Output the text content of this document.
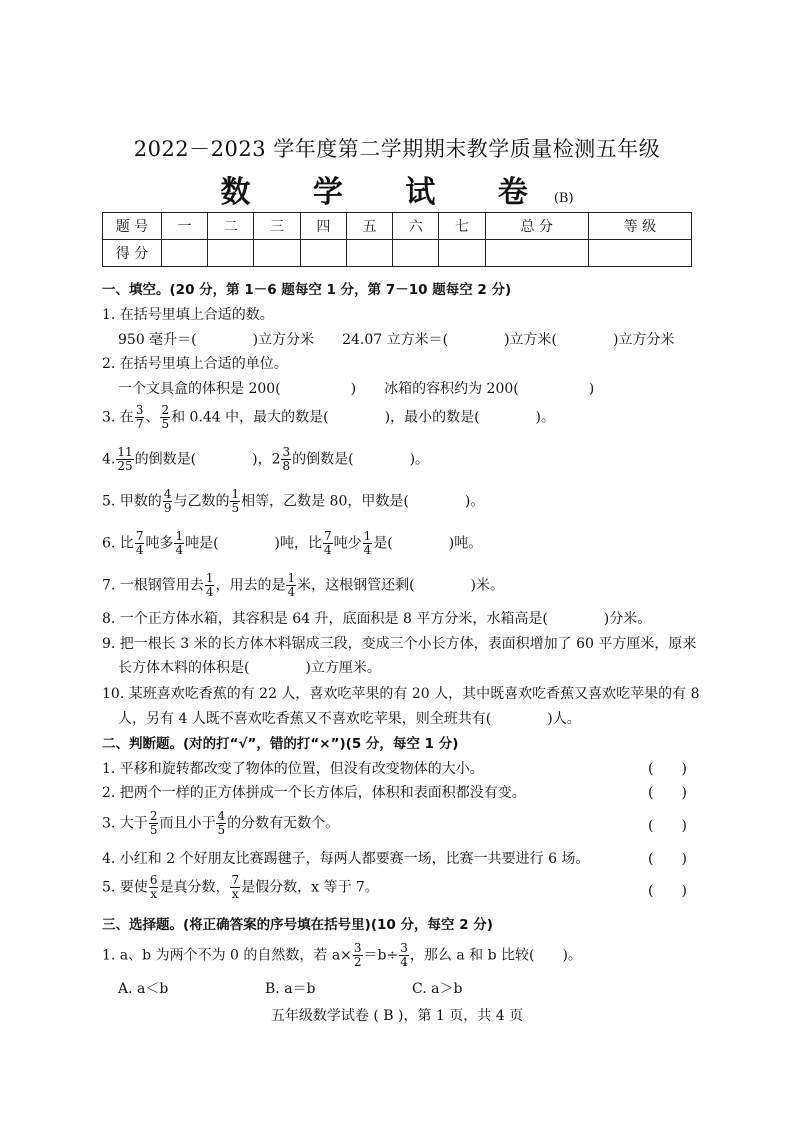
2022－2023 学年度第二学期期末教学质量检测五年级
数 学 试 卷(B)
题 号	一	二	三	四	五	六	七	总 分	等 级
得 分									
一、填空。(20 分，第 1－6 题每空 1 分，第 7－10 题每空 2 分)
1. 在括号里填上合适的数。
950 毫升＝(　　　　)立方分米　　24.07 立方米＝(　　　　)立方米(　　　　)立方分米
2. 在括号里填上合适的单位。
一个文具盒的体积是 200(　　　　　)　　冰箱的容积约为 200(　　　　　)
3. 在 $\frac{3}{7}$ 、 $\frac{2}{5}$ 和 0.44 中，最大的数是(　　　　)，最小的数是(　　　　)。
4. $\frac{11}{25}$ 的倒数是(　　　　)，$2 \frac{3}{8}$ 的倒数是(　　　　)。
5. 甲数的 $\frac{4}{9}$ 与乙数的 $\frac{1}{5}$ 相等，乙数是 80，甲数是(　　　　)。
6. 比 $\frac{7}{4}$ 吨多 $\frac{1}{4}$ 吨是(　　　　)吨，比 $\frac{7}{4}$ 吨少 $\frac{1}{4}$ 是(　　　　)吨。
7. 一根钢管用去 $\frac{1}{4}$ ，用去的是 $\frac{1}{4}$ 米，这根钢管还剩(　　　　)米。
8. 一个正方体水箱，其容积是 64 升，底面积是 8 平方分米，水箱高是(　　　　)分米。
9. 把一根长 3 米的长方体木料锯成三段，变成三个小长方体，表面积增加了 60 平方厘米，原来
长方体木料的体积是(　　　　)立方厘米。
10. 某班喜欢吃香蕉的有 22 人，喜欢吃苹果的有 20 人，其中既喜欢吃香蕉又喜欢吃苹果的有 8
人，另有 4 人既不喜欢吃香蕉又不喜欢吃苹果，则全班共有(　　　　)人。
二、判断题。(对的打“√”，错的打“×”)(5 分，每空 1 分)
1. 平移和旋转都改变了物体的位置，但没有改变物体的大小。	(　　)
2. 把两个一样的正方体拼成一个长方体后，体积和表面积都没有变。	(　　)
3. 大于 $\frac{2}{5}$ 而且小于 $\frac{4}{5}$ 的分数有无数个。	(　　)
4. 小红和 2 个好朋友比赛踢毽子，每两人都要赛一场，比赛一共要进行 6 场。	(　　)
5. 要使 $\frac{6}{x}$ 是真分数， $\frac{7}{x}$ 是假分数，x 等于 7。	(　　)
三、选择题。(将正确答案的序号填在括号里)(10 分，每空 2 分)
1. a、b 为两个不为 0 的自然数，若 $a\times \frac{3}{2} =b\div \frac{3}{4}$ ，那么 a 和 b 比较(　　)。
A. a＜b	B. a＝b	C. a＞b
五年级数学试卷 ( B )，第 1 页，共 4 页
